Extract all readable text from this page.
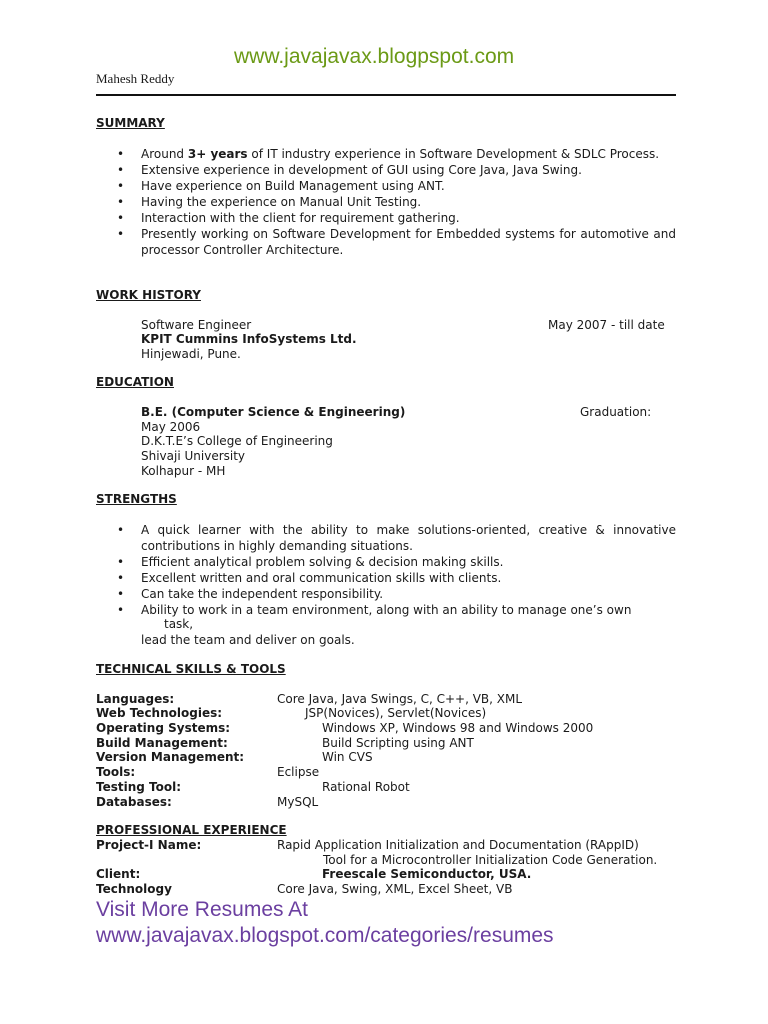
www.javajavax.blogpspot.com
Mahesh Reddy
SUMMARY
• Around 3+ years of IT industry experience in Software Development & SDLC Process.
• Extensive experience in development of GUI using Core Java, Java Swing.
• Have experience on Build Management using ANT.
• Having the experience on Manual Unit Testing.
• Interaction with the client for requirement gathering.
• Presently working on Software Development for Embedded systems for automotive and processor Controller Architecture.
WORK HISTORY
Software Engineer	May 2007 - till date
KPIT Cummins InfoSystems Ltd.
Hinjewadi, Pune.
EDUCATION
B.E. (Computer Science & Engineering)	Graduation:
May 2006
D.K.T.E’s College of Engineering
Shivaji University
Kolhapur - MH
STRENGTHS
• A quick learner with the ability to make solutions-oriented, creative & innovative contributions in highly demanding situations.
• Efficient analytical problem solving & decision making skills.
• Excellent written and oral communication skills with clients.
• Can take the independent responsibility.
• Ability to work in a team environment, along with an ability to manage one’s own
task,
lead the team and deliver on goals.
TECHNICAL SKILLS & TOOLS
Languages:	Core Java, Java Swings, C, C++, VB, XML
Web Technologies:	JSP(Novices), Servlet(Novices)
Operating Systems:	Windows XP, Windows 98 and Windows 2000
Build Management:	Build Scripting using ANT
Version Management:	Win CVS
Tools:	Eclipse
Testing Tool:	Rational Robot
Databases:	MySQL
PROFESSIONAL EXPERIENCE
Project-I Name:	Rapid Application Initialization and Documentation (RAppID)
Tool for a Microcontroller Initialization Code Generation.
Client:	Freescale Semiconductor, USA.
Technology	Core Java, Swing, XML, Excel Sheet, VB
Visit More Resumes At
www.javajavax.blogspot.com/categories/resumes
